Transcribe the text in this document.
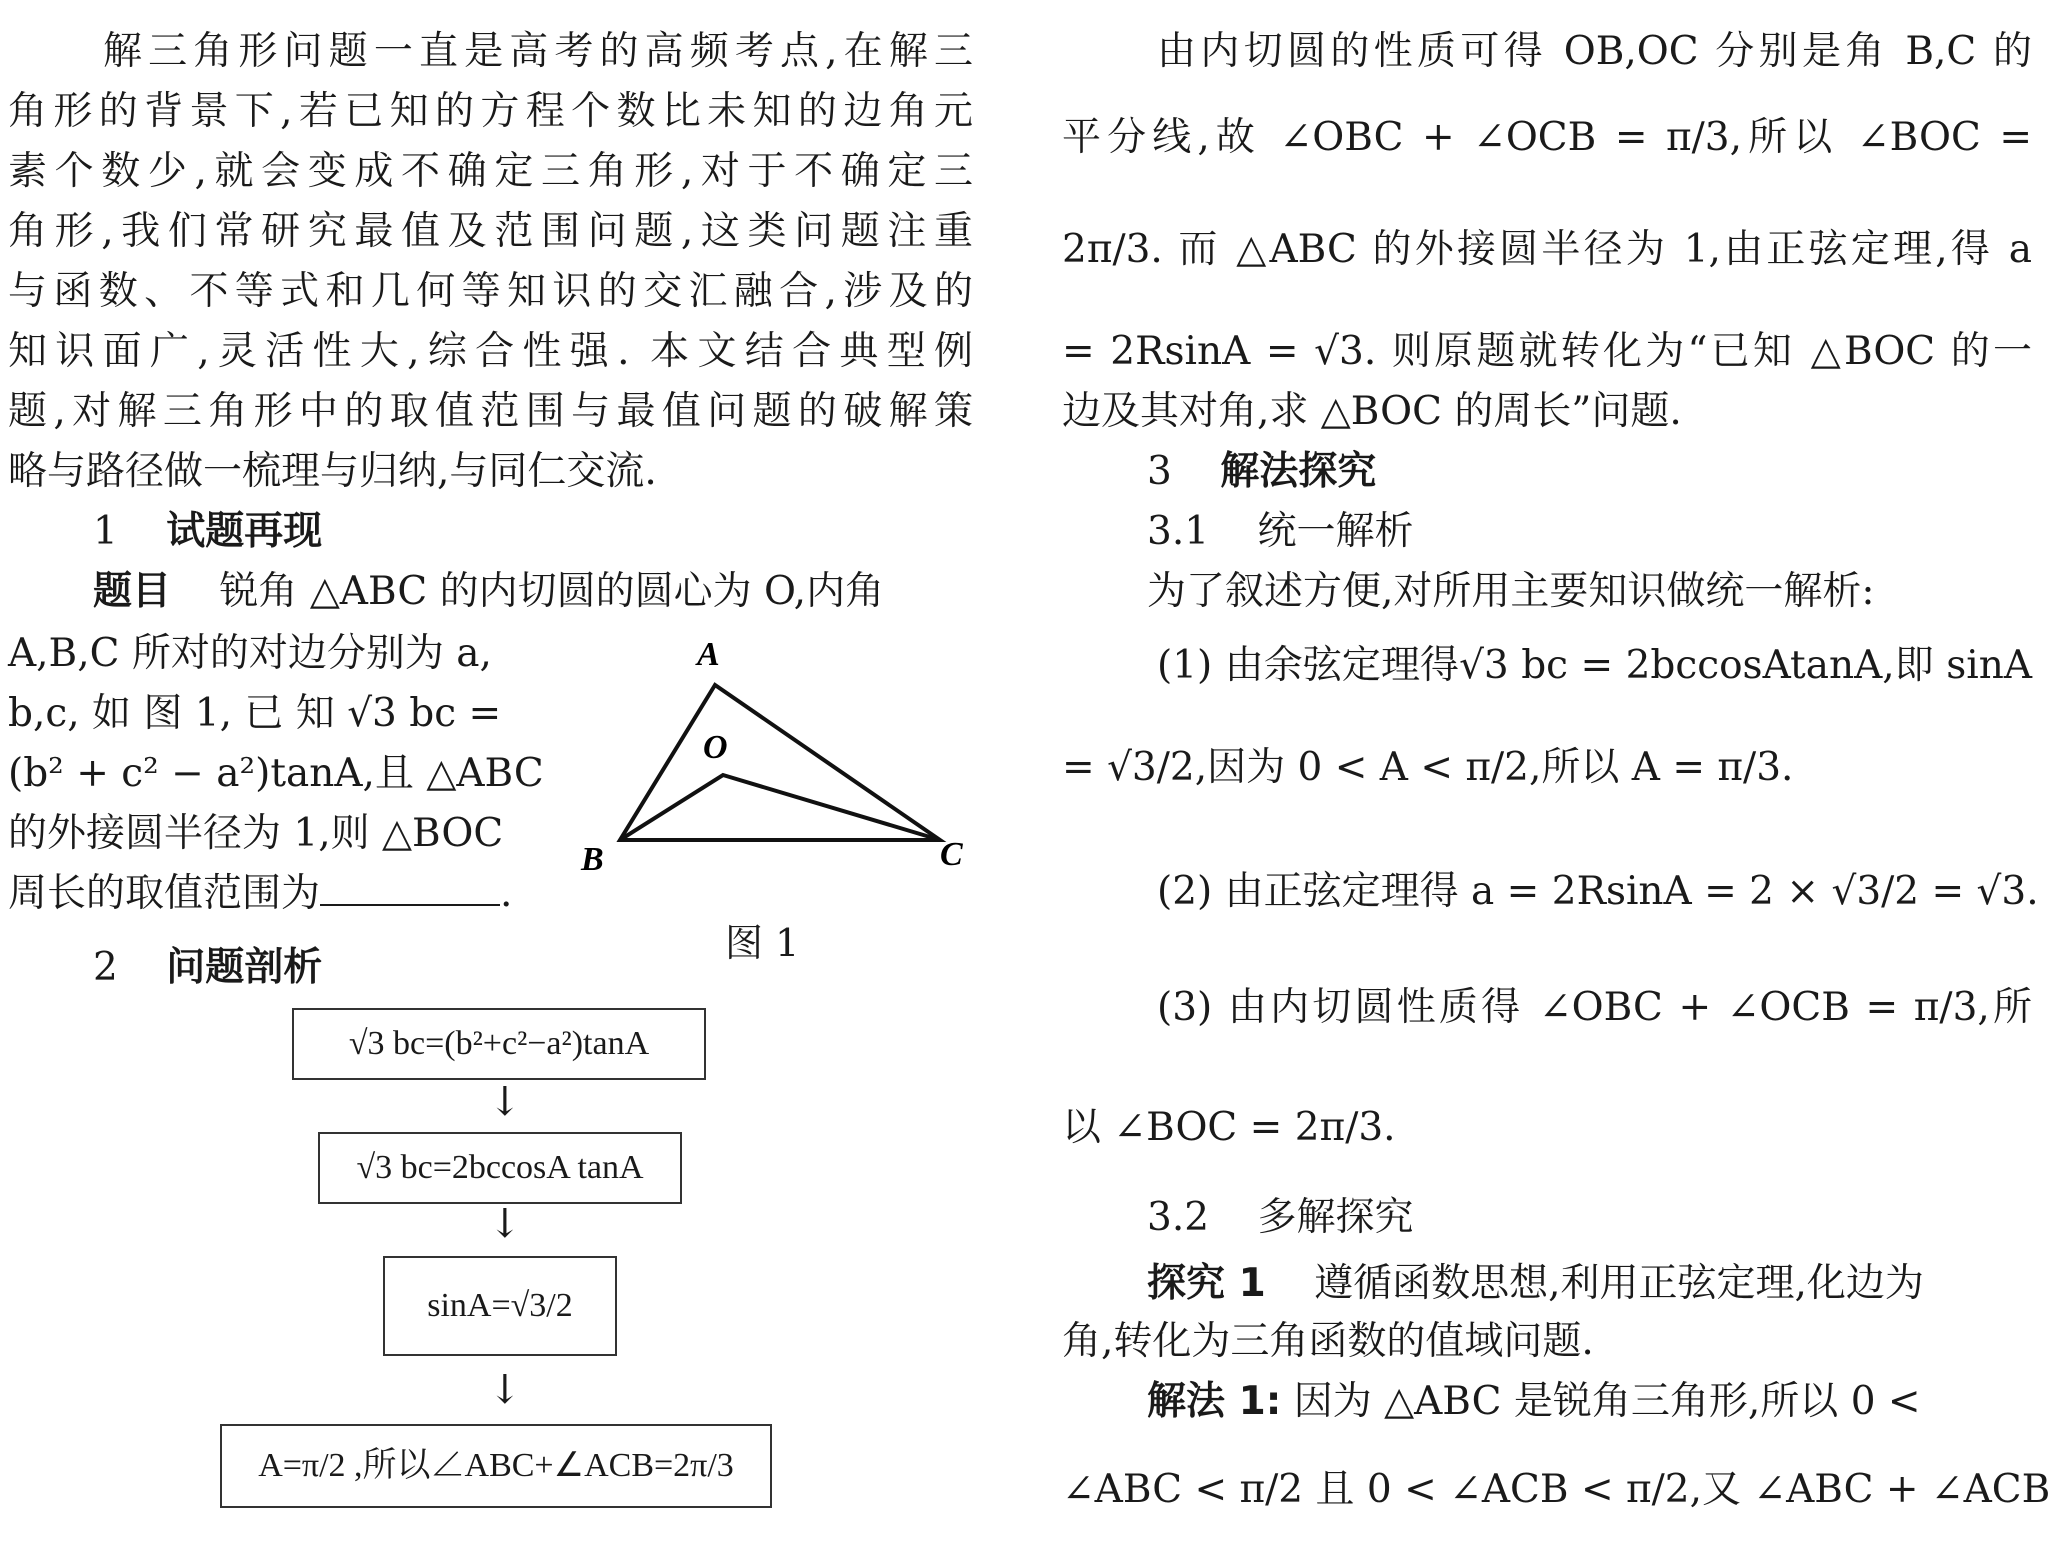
解三角形问题一直是高考的高频考点,在解三
角形的背景下,若已知的方程个数比未知的边角元
素个数少,就会变成不确定三角形,对于不确定三
角形,我们常研究最值及范围问题,这类问题注重
与函数、不等式和几何等知识的交汇融合,涉及的
知识面广,灵活性大,综合性强. 本文结合典型例
题,对解三角形中的取值范围与最值问题的破解策
略与路径做一梳理与归纳,与同仁交流.
1 试题再现
题目 锐角 △ABC 的内切圆的圆心为 O,内角
A,B,C 所对的对边分别为 a,
b,c, 如 图 1, 已 知 √3 bc =
(b² + c² − a²)tanA,且 △ABC
的外接圆半径为 1,则 △BOC
周长的取值范围为	.
2 问题剖析
A
O
B	C
图 1
√3 bc=(b²+c²−a²)tanA
↓
√3 bc=2bccosA tanA
↓
sinA=√3/2
↓
A=π/2 ,所以∠ABC+∠ACB=2π/3
由内切圆的性质可得 OB,OC 分别是角 B,C 的
平分线,故 ∠OBC + ∠OCB = π/3,所以 ∠BOC =
2π/3. 而 △ABC 的外接圆半径为 1,由正弦定理,得 a
= 2RsinA = √3. 则原题就转化为“已知 △BOC 的一
边及其对角,求 △BOC 的周长”问题.
3 解法探究
3.1 统一解析
为了叙述方便,对所用主要知识做统一解析:
(1) 由余弦定理得√3 bc = 2bccosAtanA,即 sinA
= √3/2,因为 0 < A < π/2,所以 A = π/3.
(2) 由正弦定理得 a = 2RsinA = 2 × √3/2 = √3.
(3) 由内切圆性质得 ∠OBC + ∠OCB = π/3,所
以 ∠BOC = 2π/3.
3.2 多解探究
探究 1 遵循函数思想,利用正弦定理,化边为
角,转化为三角函数的值域问题.
解法 1: 因为 △ABC 是锐角三角形,所以 0 <
∠ABC < π/2 且 0 < ∠ACB < π/2,又 ∠ABC + ∠ACB
